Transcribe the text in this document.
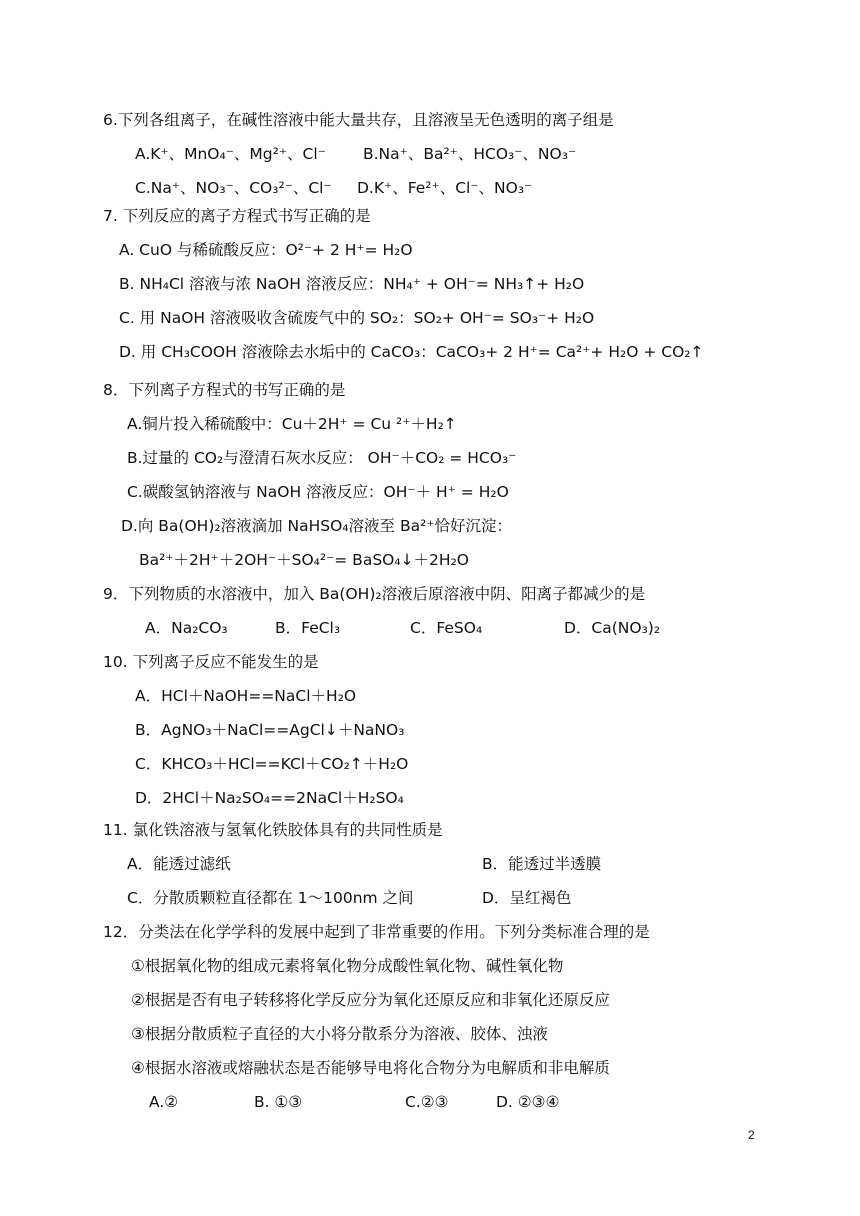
6.下列各组离子，在碱性溶液中能大量共存，且溶液呈无色透明的离子组是
A.K⁺、MnO₄⁻、Mg²⁺、Cl⁻ B.Na⁺、Ba²⁺、HCO₃⁻、NO₃⁻
C.Na⁺、NO₃⁻、CO₃²⁻、Cl⁻ D.K⁺、Fe²⁺、Cl⁻、NO₃⁻
7. 下列反应的离子方程式书写正确的是
A. CuO 与稀硫酸反应：O²⁻+ 2 H⁺= H₂O
B. NH₄Cl 溶液与浓 NaOH 溶液反应：NH₄⁺ + OH⁻= NH₃↑+ H₂O
C. 用 NaOH 溶液吸收含硫废气中的 SO₂：SO₂+ OH⁻= SO₃⁻+ H₂O
D. 用 CH₃COOH 溶液除去水垢中的 CaCO₃：CaCO₃+ 2 H⁺= Ca²⁺+ H₂O + CO₂↑
8．下列离子方程式的书写正确的是
A.铜片投入稀硫酸中：Cu＋2H⁺ = Cu ²⁺＋H₂↑
B.过量的 CO₂与澄清石灰水反应： OH⁻＋CO₂ = HCO₃⁻
C.碳酸氢钠溶液与 NaOH 溶液反应：OH⁻＋ H⁺ = H₂O
D.向 Ba(OH)₂溶液滴加 NaHSO₄溶液至 Ba²⁺恰好沉淀：
Ba²⁺＋2H⁺＋2OH⁻＋SO₄²⁻= BaSO₄↓＋2H₂O
9．下列物质的水溶液中，加入 Ba(OH)₂溶液后原溶液中阴、阳离子都减少的是
A．Na₂CO₃	B．FeCl₃	C．FeSO₄	D．Ca(NO₃)₂
10. 下列离子反应不能发生的是
A．HCl＋NaOH==NaCl＋H₂O
B．AgNO₃＋NaCl==AgCl↓＋NaNO₃
C．KHCO₃＋HCl==KCl＋CO₂↑＋H₂O
D．2HCl＋Na₂SO₄==2NaCl＋H₂SO₄
11. 氯化铁溶液与氢氧化铁胶体具有的共同性质是
A．能透过滤纸	B．能透过半透膜
C．分散质颗粒直径都在 1～100nm 之间	D．呈红褐色
12．分类法在化学学科的发展中起到了非常重要的作用。下列分类标准合理的是
①根据氧化物的组成元素将氧化物分成酸性氧化物、碱性氧化物
②根据是否有电子转移将化学反应分为氧化还原反应和非氧化还原反应
③根据分散质粒子直径的大小将分散系分为溶液、胶体、浊液
④根据水溶液或熔融状态是否能够导电将化合物分为电解质和非电解质
A.②	B. ①③	C.②③	D. ②③④
2
